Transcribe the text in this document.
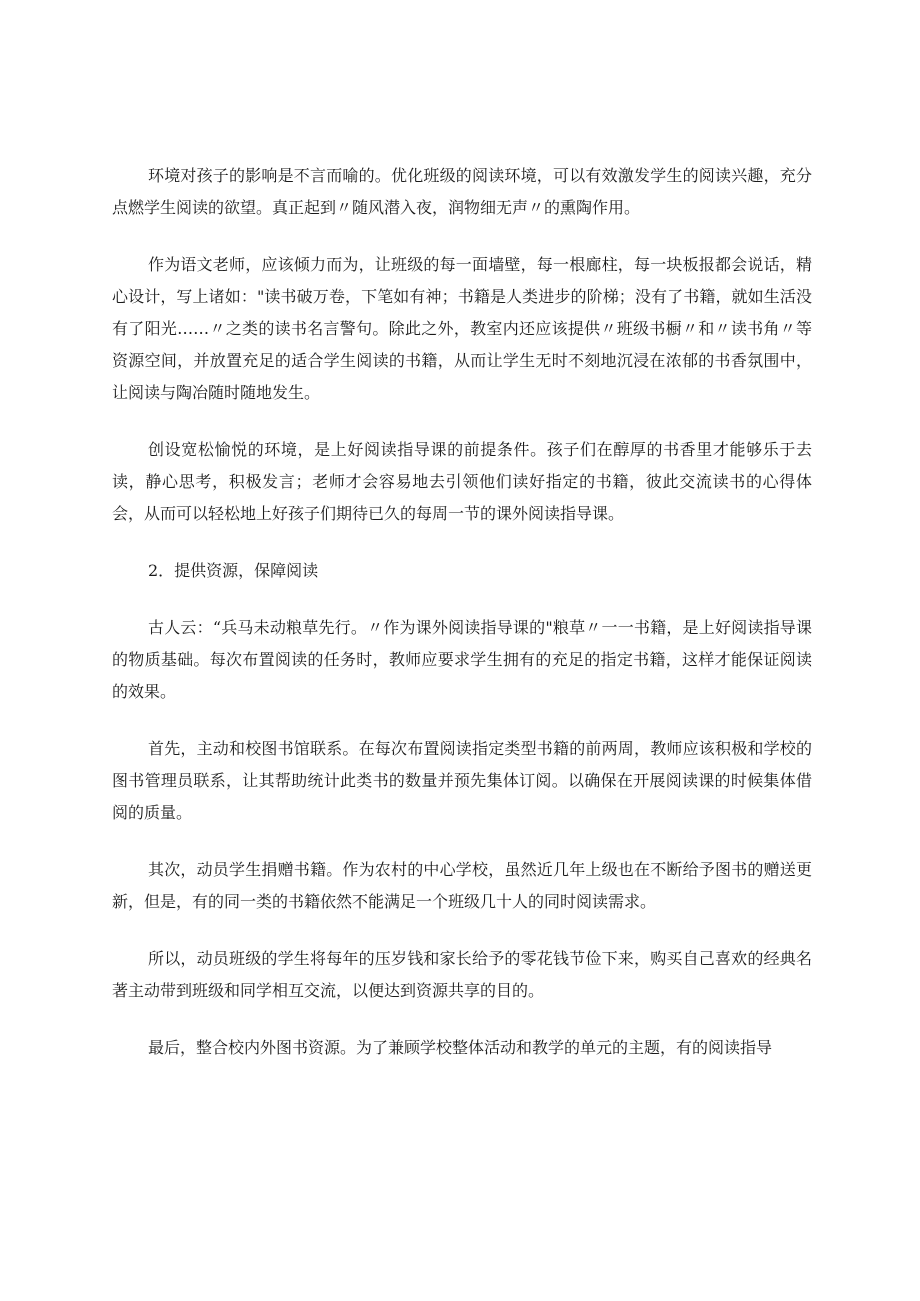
环境对孩子的影响是不言而喻的。优化班级的阅读环境，可以有效激发学生的阅读兴趣，充分点燃学生阅读的欲望。真正起到〃随风潜入夜，润物细无声〃的熏陶作用。

作为语文老师，应该倾力而为，让班级的每一面墙壁，每一根廊柱，每一块板报都会说话，精心设计，写上诸如："读书破万卷，下笔如有神；书籍是人类进步的阶梯；没有了书籍，就如生活没有了阳光……〃之类的读书名言警句。除此之外，教室内还应该提供〃班级书橱〃和〃读书角〃等资源空间，并放置充足的适合学生阅读的书籍，从而让学生无时不刻地沉浸在浓郁的书香氛围中，让阅读与陶冶随时随地发生。

创设宽松愉悦的环境，是上好阅读指导课的前提条件。孩子们在醇厚的书香里才能够乐于去读，静心思考，积极发言；老师才会容易地去引领他们读好指定的书籍，彼此交流读书的心得体会，从而可以轻松地上好孩子们期待已久的每周一节的课外阅读指导课。

2．提供资源，保障阅读

古人云：“兵马未动粮草先行。〃作为课外阅读指导课的"粮草〃一一书籍，是上好阅读指导课的物质基础。每次布置阅读的任务时，教师应要求学生拥有的充足的指定书籍，这样才能保证阅读的效果。

首先，主动和校图书馆联系。在每次布置阅读指定类型书籍的前两周，教师应该积极和学校的图书管理员联系，让其帮助统计此类书的数量并预先集体订阅。以确保在开展阅读课的时候集体借阅的质量。

其次，动员学生捐赠书籍。作为农村的中心学校，虽然近几年上级也在不断给予图书的赠送更新，但是，有的同一类的书籍依然不能满足一个班级几十人的同时阅读需求。

所以，动员班级的学生将每年的压岁钱和家长给予的零花钱节俭下来，购买自己喜欢的经典名著主动带到班级和同学相互交流，以便达到资源共享的目的。

最后，整合校内外图书资源。为了兼顾学校整体活动和教学的单元的主题，有的阅读指导
